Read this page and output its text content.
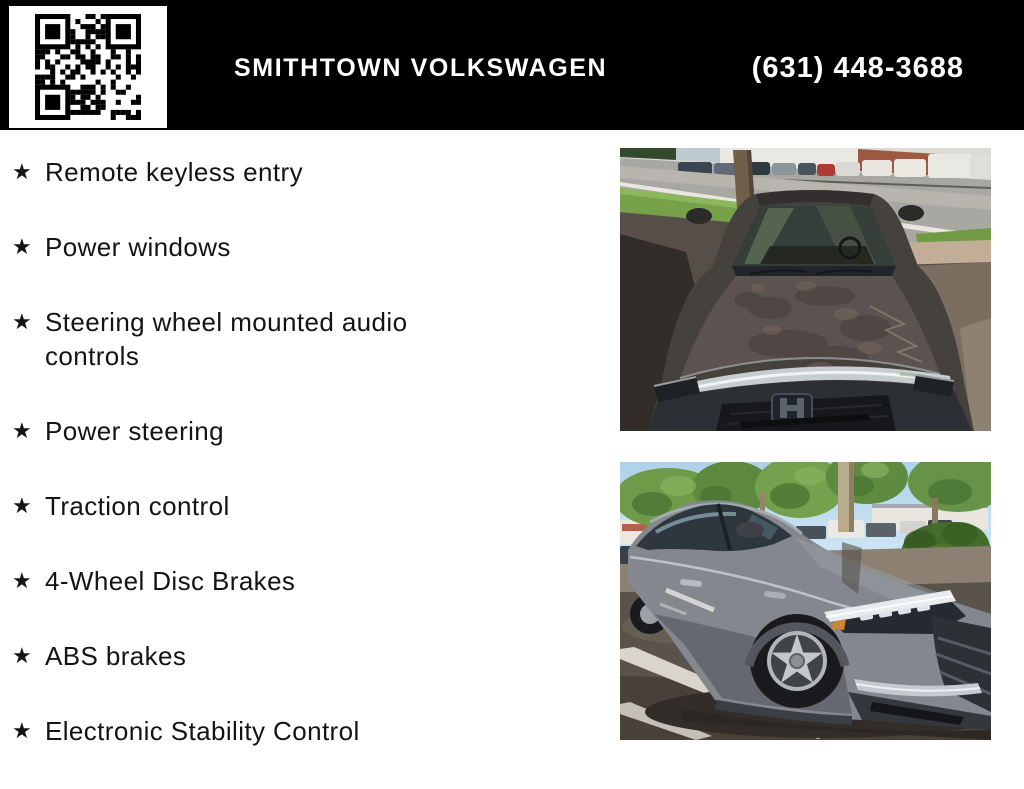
SMITHTOWN VOLKSWAGEN	(631) 448-3688
★ Remote keyless entry
★ Power windows
★ Steering wheel mounted audio controls
★ Power steering
★ Traction control
★ 4-Wheel Disc Brakes
★ ABS brakes
★ Electronic Stability Control
